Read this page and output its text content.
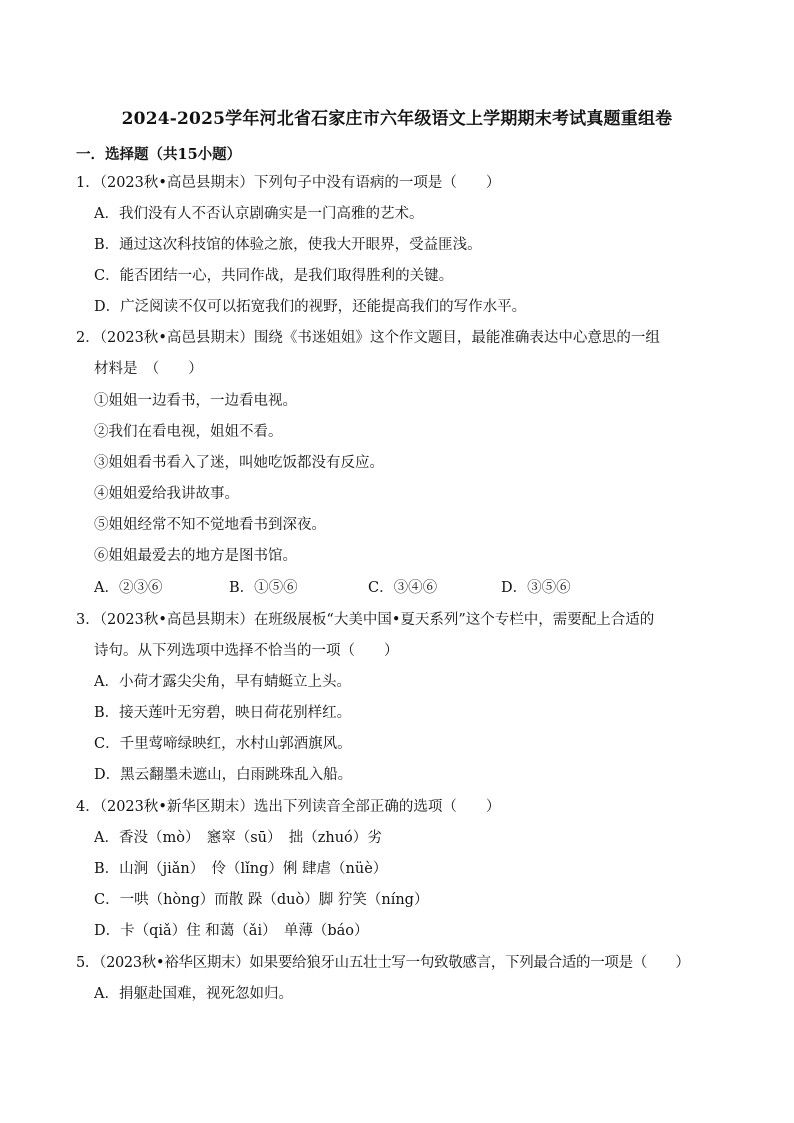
2024-2025学年河北省石家庄市六年级语文上学期期末考试真题重组卷
一．选择题（共15小题）
1．（2023秋•高邑县期末）下列句子中没有语病的一项是（　　）
A．我们没有人不否认京剧确实是一门高雅的艺术。
B．通过这次科技馆的体验之旅，使我大开眼界，受益匪浅。
C．能否团结一心，共同作战，是我们取得胜利的关键。
D．广泛阅读不仅可以拓宽我们的视野，还能提高我们的写作水平。
2．（2023秋•高邑县期末）围绕《书迷姐姐》这个作文题目，最能准确表达中心意思的一组
材料是　（　　）
①姐姐一边看书，一边看电视。
②我们在看电视，姐姐不看。
③姐姐看书看入了迷，叫她吃饭都没有反应。
④姐姐爱给我讲故事。
⑤姐姐经常不知不觉地看书到深夜。
⑥姐姐最爱去的地方是图书馆。
A．②③⑥	B．①⑤⑥	C．③④⑥	D．③⑤⑥
3．（2023秋•高邑县期末）在班级展板“大美中国•夏天系列”这个专栏中，需要配上合适的
诗句。从下列选项中选择不恰当的一项（　　）
A．小荷才露尖尖角，早有蜻蜓立上头。
B．接天莲叶无穷碧，映日荷花别样红。
C．千里莺啼绿映红，水村山郭酒旗风。
D．黑云翻墨未遮山，白雨跳珠乱入船。
4．（2023秋•新华区期末）选出下列读音全部正确的选项（　　）
A．香没（mò）　窸窣（sū）　拙（zhuó）劣
B．山涧（jiǎn）　伶（lǐng）俐 肆虐（nüè）
C．一哄（hòng）而散 跺（duò）脚 狞笑（níng）
D．卡（qiǎ）住 和蔼（ǎi）　单薄（báo）
5．（2023秋•裕华区期末）如果要给狼牙山五壮士写一句致敬感言，下列最合适的一项是（　　）
A．捐躯赴国难，视死忽如归。
